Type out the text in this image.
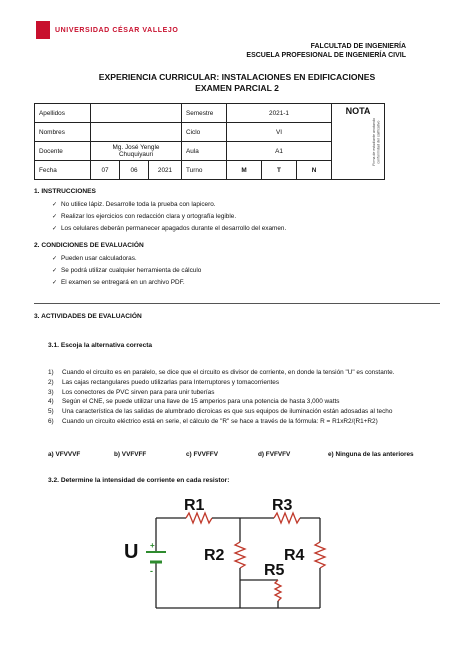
UNIVERSIDAD CÉSAR VALLEJO
FALCULTAD DE INGENIERÍA
ESCUELA PROFESIONAL DE INGENIERÍA CIVIL
EXPERIENCIA CURRICULAR: INSTALACIONES EN EDIFICACIONES
EXAMEN PARCIAL 2
Apellidos				Semestre	2021-1			NOTA
Firma de estudiante anotando conformidad del calificativo

Nombres				Ciclo	VI			
Docente	Mg. José Yengle Chuquiyauri			Aula	A1			
Fecha	07	06	2021	Turno	M	T	N	
1. INSTRUCCIONES
✓ No utilice lápiz. Desarrolle toda la prueba con lapicero.
✓ Realizar los ejercicios con redacción clara y ortografía legible.
✓ Los celulares deberán permanecer apagados durante el desarrollo del examen.
2. CONDICIONES DE EVALUACIÓN
✓ Pueden usar calculadoras.
✓ Se podrá utilizar cualquier herramienta de cálculo
✓ El examen se entregará en un archivo PDF.
3. ACTIVIDADES DE EVALUACIÓN
3.1. Escoja la alternativa correcta
1) Cuando el circuito es en paralelo, se dice que el circuito es divisor de corriente, en donde la tensión "U" es constante.
2) Las cajas rectangulares puedo utilizarlas para Interruptores y tomacorrientes
3) Los conectores de PVC sirven para para unir tuberías
4) Según el CNE, se puede utilizar una llave de 15 amperios para una potencia de hasta 3,000 watts
5) Una característica de las salidas de alumbrado dicroicas es que sus equipos de iluminación están adosadas al techo
6) Cuando un circuito eléctrico está en serie, el cálculo de "R" se hace a través de la fórmula: R = R1xR2/(R1+R2)
a) VFVVVF	b) VVFVFF	c) FVVFFV	d) FVFVFV	e) Ninguna de las anteriores
3.2. Determine la intensidad de corriente en cada resistor:
+
-
U
R1
R2
R3
R4
R5
